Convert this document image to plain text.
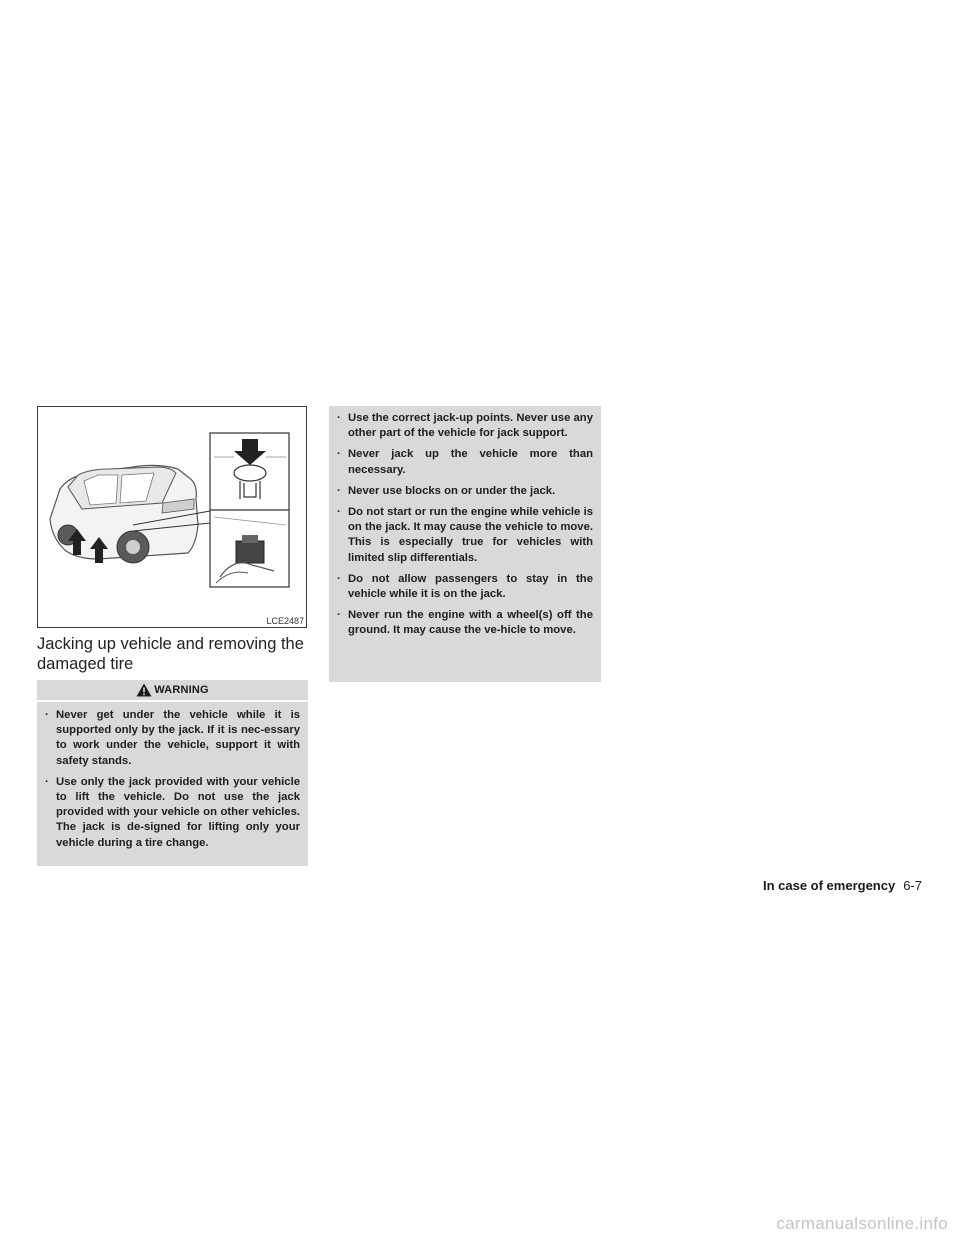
LCE2487
Jacking up vehicle and removing the damaged tire
WARNING
· Never get under the vehicle while it is supported only by the jack. If it is nec-essary to work under the vehicle, support it with safety stands.
· Use only the jack provided with your vehicle to lift the vehicle. Do not use the jack provided with your vehicle on other vehicles. The jack is de-signed for lifting only your vehicle during a tire change.
· Use the correct jack-up points. Never use any other part of the vehicle for jack support.
· Never jack up the vehicle more than necessary.
· Never use blocks on or under the jack.
· Do not start or run the engine while vehicle is on the jack. It may cause the vehicle to move. This is especially true for vehicles with limited slip differentials.
· Do not allow passengers to stay in the vehicle while it is on the jack.
· Never run the engine with a wheel(s) off the ground. It may cause the ve-hicle to move.
In case of emergency 6-7
carmanualsonline.info
